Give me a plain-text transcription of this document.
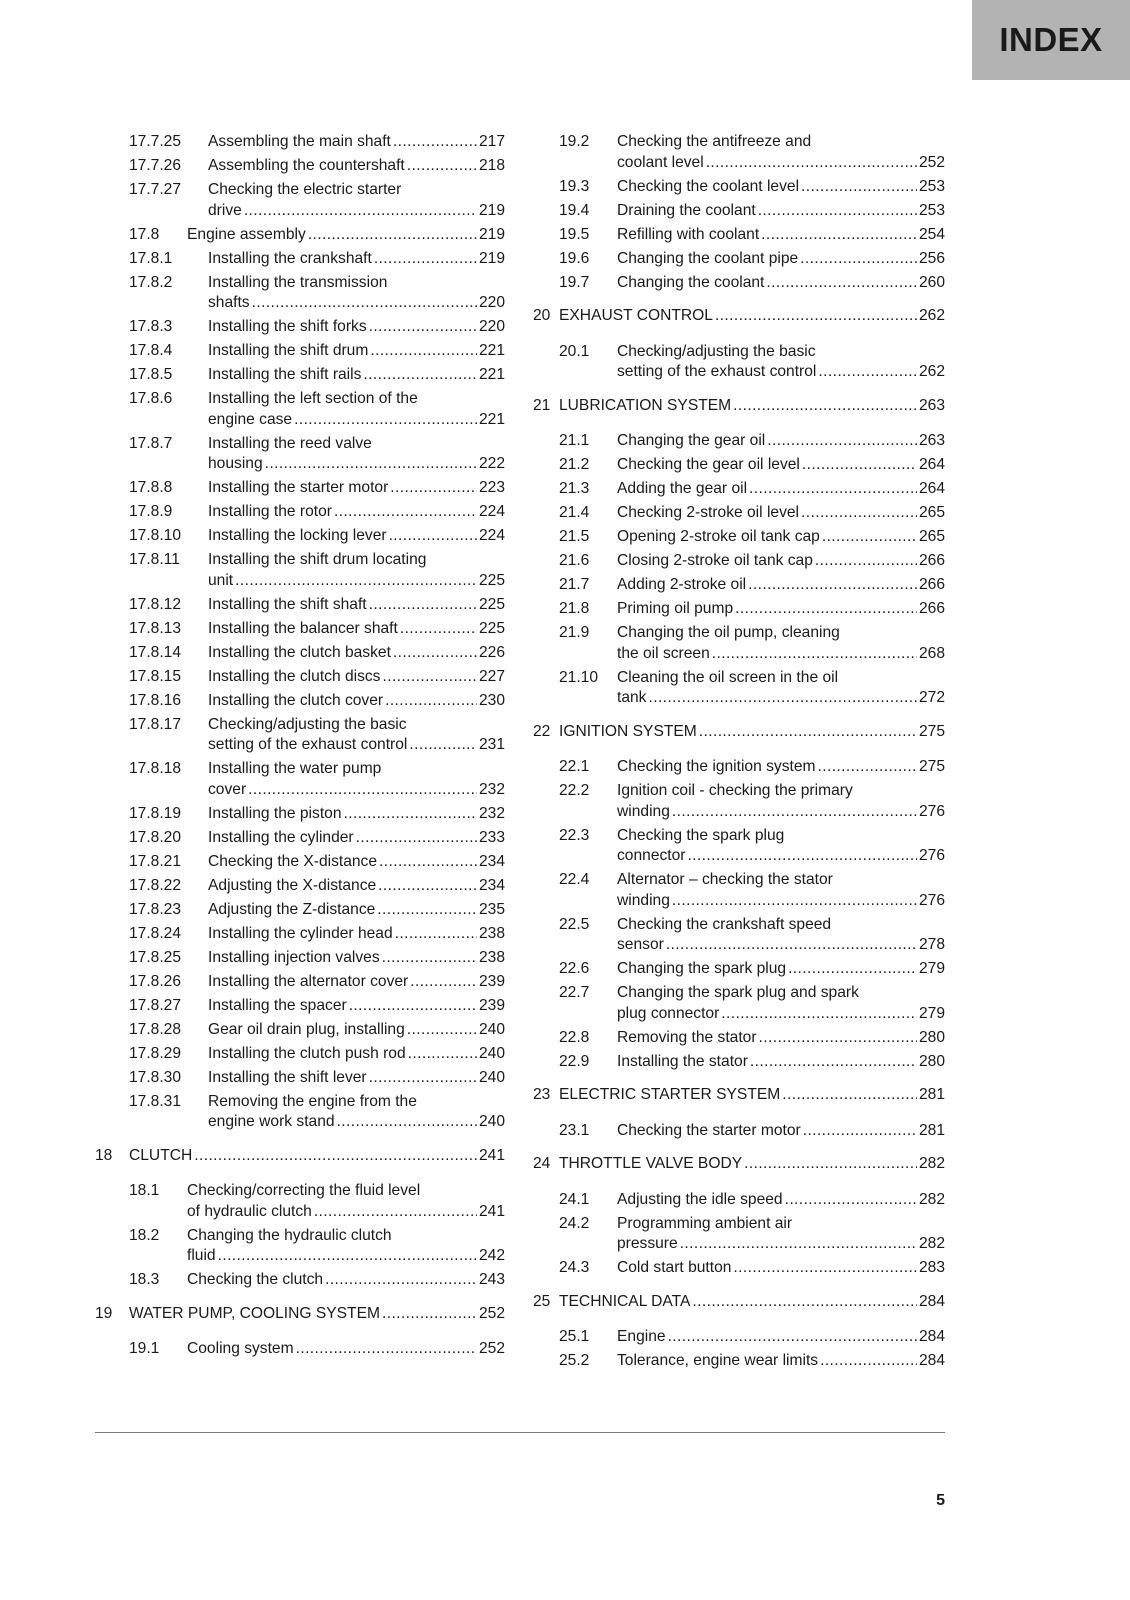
INDEX
17.7.25 Assembling the main shaft .....	217
17.7.26 Assembling the countershaft .....	218
17.7.27 Checking the electric starter
drive .....	219
17.8 Engine assembly .....	219
17.8.1 Installing the crankshaft .....	219
17.8.2 Installing the transmission
shafts .....	220
17.8.3 Installing the shift forks .....	220
17.8.4 Installing the shift drum .....	221
17.8.5 Installing the shift rails .....	221
17.8.6 Installing the left section of the
engine case .....	221
17.8.7 Installing the reed valve
housing .....	222
17.8.8 Installing the starter motor .....	223
17.8.9 Installing the rotor .....	224
17.8.10 Installing the locking lever .....	224
17.8.11 Installing the shift drum locating
unit .....	225
17.8.12 Installing the shift shaft .....	225
17.8.13 Installing the balancer shaft .....	225
17.8.14 Installing the clutch basket .....	226
17.8.15 Installing the clutch discs .....	227
17.8.16 Installing the clutch cover .....	230
17.8.17 Checking/adjusting the basic
setting of the exhaust control .....	231
17.8.18 Installing the water pump
cover .....	232
17.8.19 Installing the piston .....	232
17.8.20 Installing the cylinder .....	233
17.8.21 Checking the X-distance .....	234
17.8.22 Adjusting the X-distance .....	234
17.8.23 Adjusting the Z-distance .....	235
17.8.24 Installing the cylinder head .....	238
17.8.25 Installing injection valves .....	238
17.8.26 Installing the alternator cover .....	239
17.8.27 Installing the spacer .....	239
17.8.28 Gear oil drain plug, installing .....	240
17.8.29 Installing the clutch push rod .....	240
17.8.30 Installing the shift lever .....	240
17.8.31 Removing the engine from the
engine work stand .....	240
18 CLUTCH .....	241
18.1 Checking/correcting the fluid level
of hydraulic clutch .....	241
18.2 Changing the hydraulic clutch
fluid .....	242
18.3 Checking the clutch .....	243
19 WATER PUMP, COOLING SYSTEM .....	252
19.1 Cooling system .....	252
19.2 Checking the antifreeze and
coolant level .....	252
19.3 Checking the coolant level .....	253
19.4 Draining the coolant .....	253
19.5 Refilling with coolant .....	254
19.6 Changing the coolant pipe .....	256
19.7 Changing the coolant .....	260
20 EXHAUST CONTROL .....	262
20.1 Checking/adjusting the basic
setting of the exhaust control .....	262
21 LUBRICATION SYSTEM .....	263
21.1 Changing the gear oil .....	263
21.2 Checking the gear oil level .....	264
21.3 Adding the gear oil .....	264
21.4 Checking 2-stroke oil level .....	265
21.5 Opening 2-stroke oil tank cap .....	265
21.6 Closing 2-stroke oil tank cap .....	266
21.7 Adding 2-stroke oil .....	266
21.8 Priming oil pump .....	266
21.9 Changing the oil pump, cleaning
the oil screen .....	268
21.10 Cleaning the oil screen in the oil
tank .....	272
22 IGNITION SYSTEM .....	275
22.1 Checking the ignition system .....	275
22.2 Ignition coil - checking the primary
winding .....	276
22.3 Checking the spark plug
connector .....	276
22.4 Alternator – checking the stator
winding .....	276
22.5 Checking the crankshaft speed
sensor .....	278
22.6 Changing the spark plug .....	279
22.7 Changing the spark plug and spark
plug connector .....	279
22.8 Removing the stator .....	280
22.9 Installing the stator .....	280
23 ELECTRIC STARTER SYSTEM .....	281
23.1 Checking the starter motor .....	281
24 THROTTLE VALVE BODY .....	282
24.1 Adjusting the idle speed .....	282
24.2 Programming ambient air
pressure .....	282
24.3 Cold start button .....	283
25 TECHNICAL DATA .....	284
25.1 Engine .....	284
25.2 Tolerance, engine wear limits .....	284
5
